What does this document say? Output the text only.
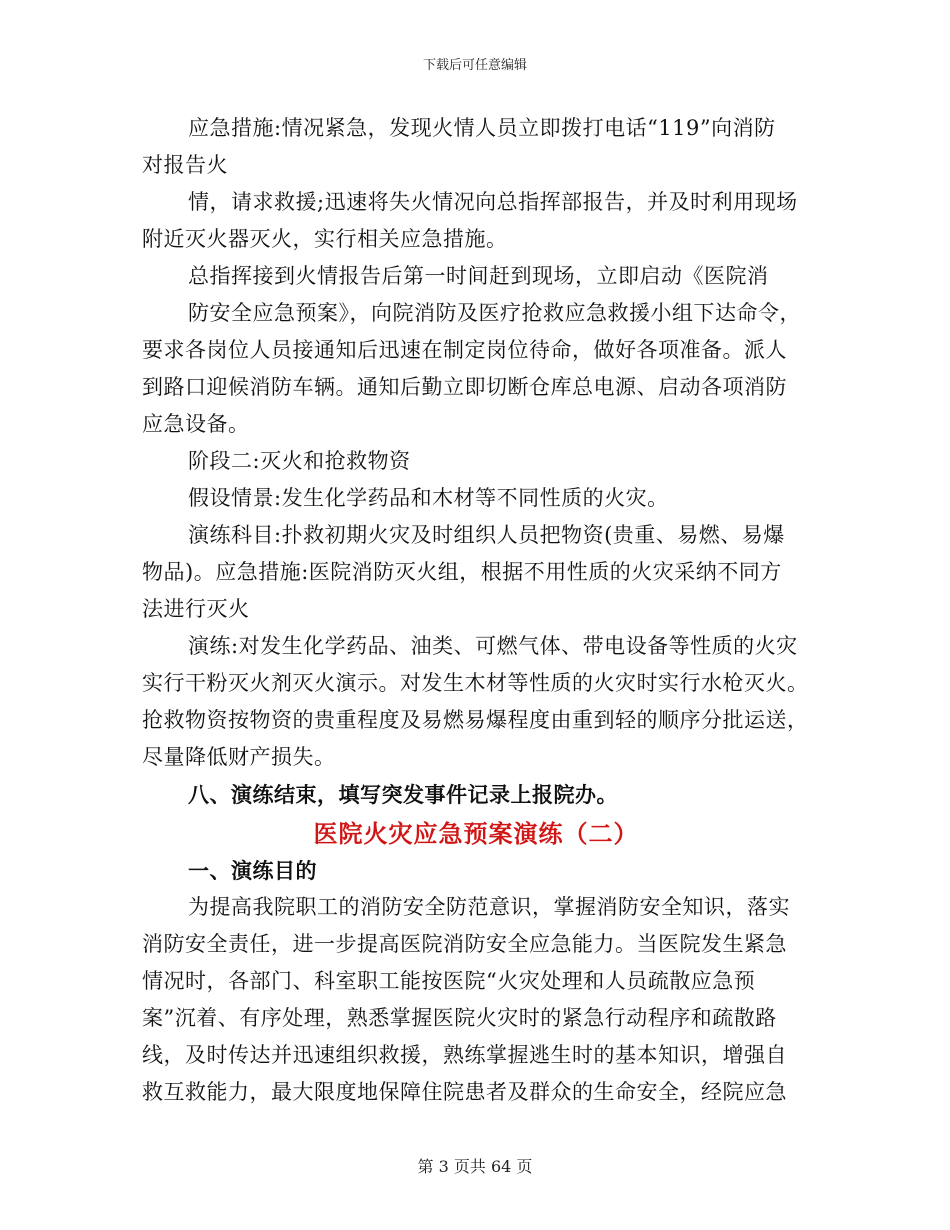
下载后可任意编辑
应急措施:情况紧急，发现火情人员立即拨打电话“119”向消防
对报告火
情，请求救援;迅速将失火情况向总指挥部报告，并及时利用现场
附近灭火器灭火，实行相关应急措施。
总指挥接到火情报告后第一时间赶到现场，立即启动《医院消
防安全应急预案》，向院消防及医疗抢救应急救援小组下达命令，
要求各岗位人员接通知后迅速在制定岗位待命，做好各项准备。派人
到路口迎候消防车辆。通知后勤立即切断仓库总电源、启动各项消防
应急设备。
阶段二:灭火和抢救物资
假设情景:发生化学药品和木材等不同性质的火灾。
演练科目:扑救初期火灾及时组织人员把物资(贵重、易燃、易爆
物品)。应急措施:医院消防灭火组，根据不用性质的火灾采纳不同方
法进行灭火
演练:对发生化学药品、油类、可燃气体、带电设备等性质的火灾
实行干粉灭火剂灭火演示。对发生木材等性质的火灾时实行水枪灭火。
抢救物资按物资的贵重程度及易燃易爆程度由重到轻的顺序分批运送，
尽量降低财产损失。
八、演练结束，填写突发事件记录上报院办。
医院火灾应急预案演练（二）
一、演练目的
为提高我院职工的消防安全防范意识，掌握消防安全知识，落实
消防安全责任，进一步提高医院消防安全应急能力。当医院发生紧急
情况时，各部门、科室职工能按医院“火灾处理和人员疏散应急预
案”沉着、有序处理，熟悉掌握医院火灾时的紧急行动程序和疏散路
线，及时传达并迅速组织救援，熟练掌握逃生时的基本知识，增强自
救互救能力，最大限度地保障住院患者及群众的生命安全，经院应急
第 3 页共 64 页
